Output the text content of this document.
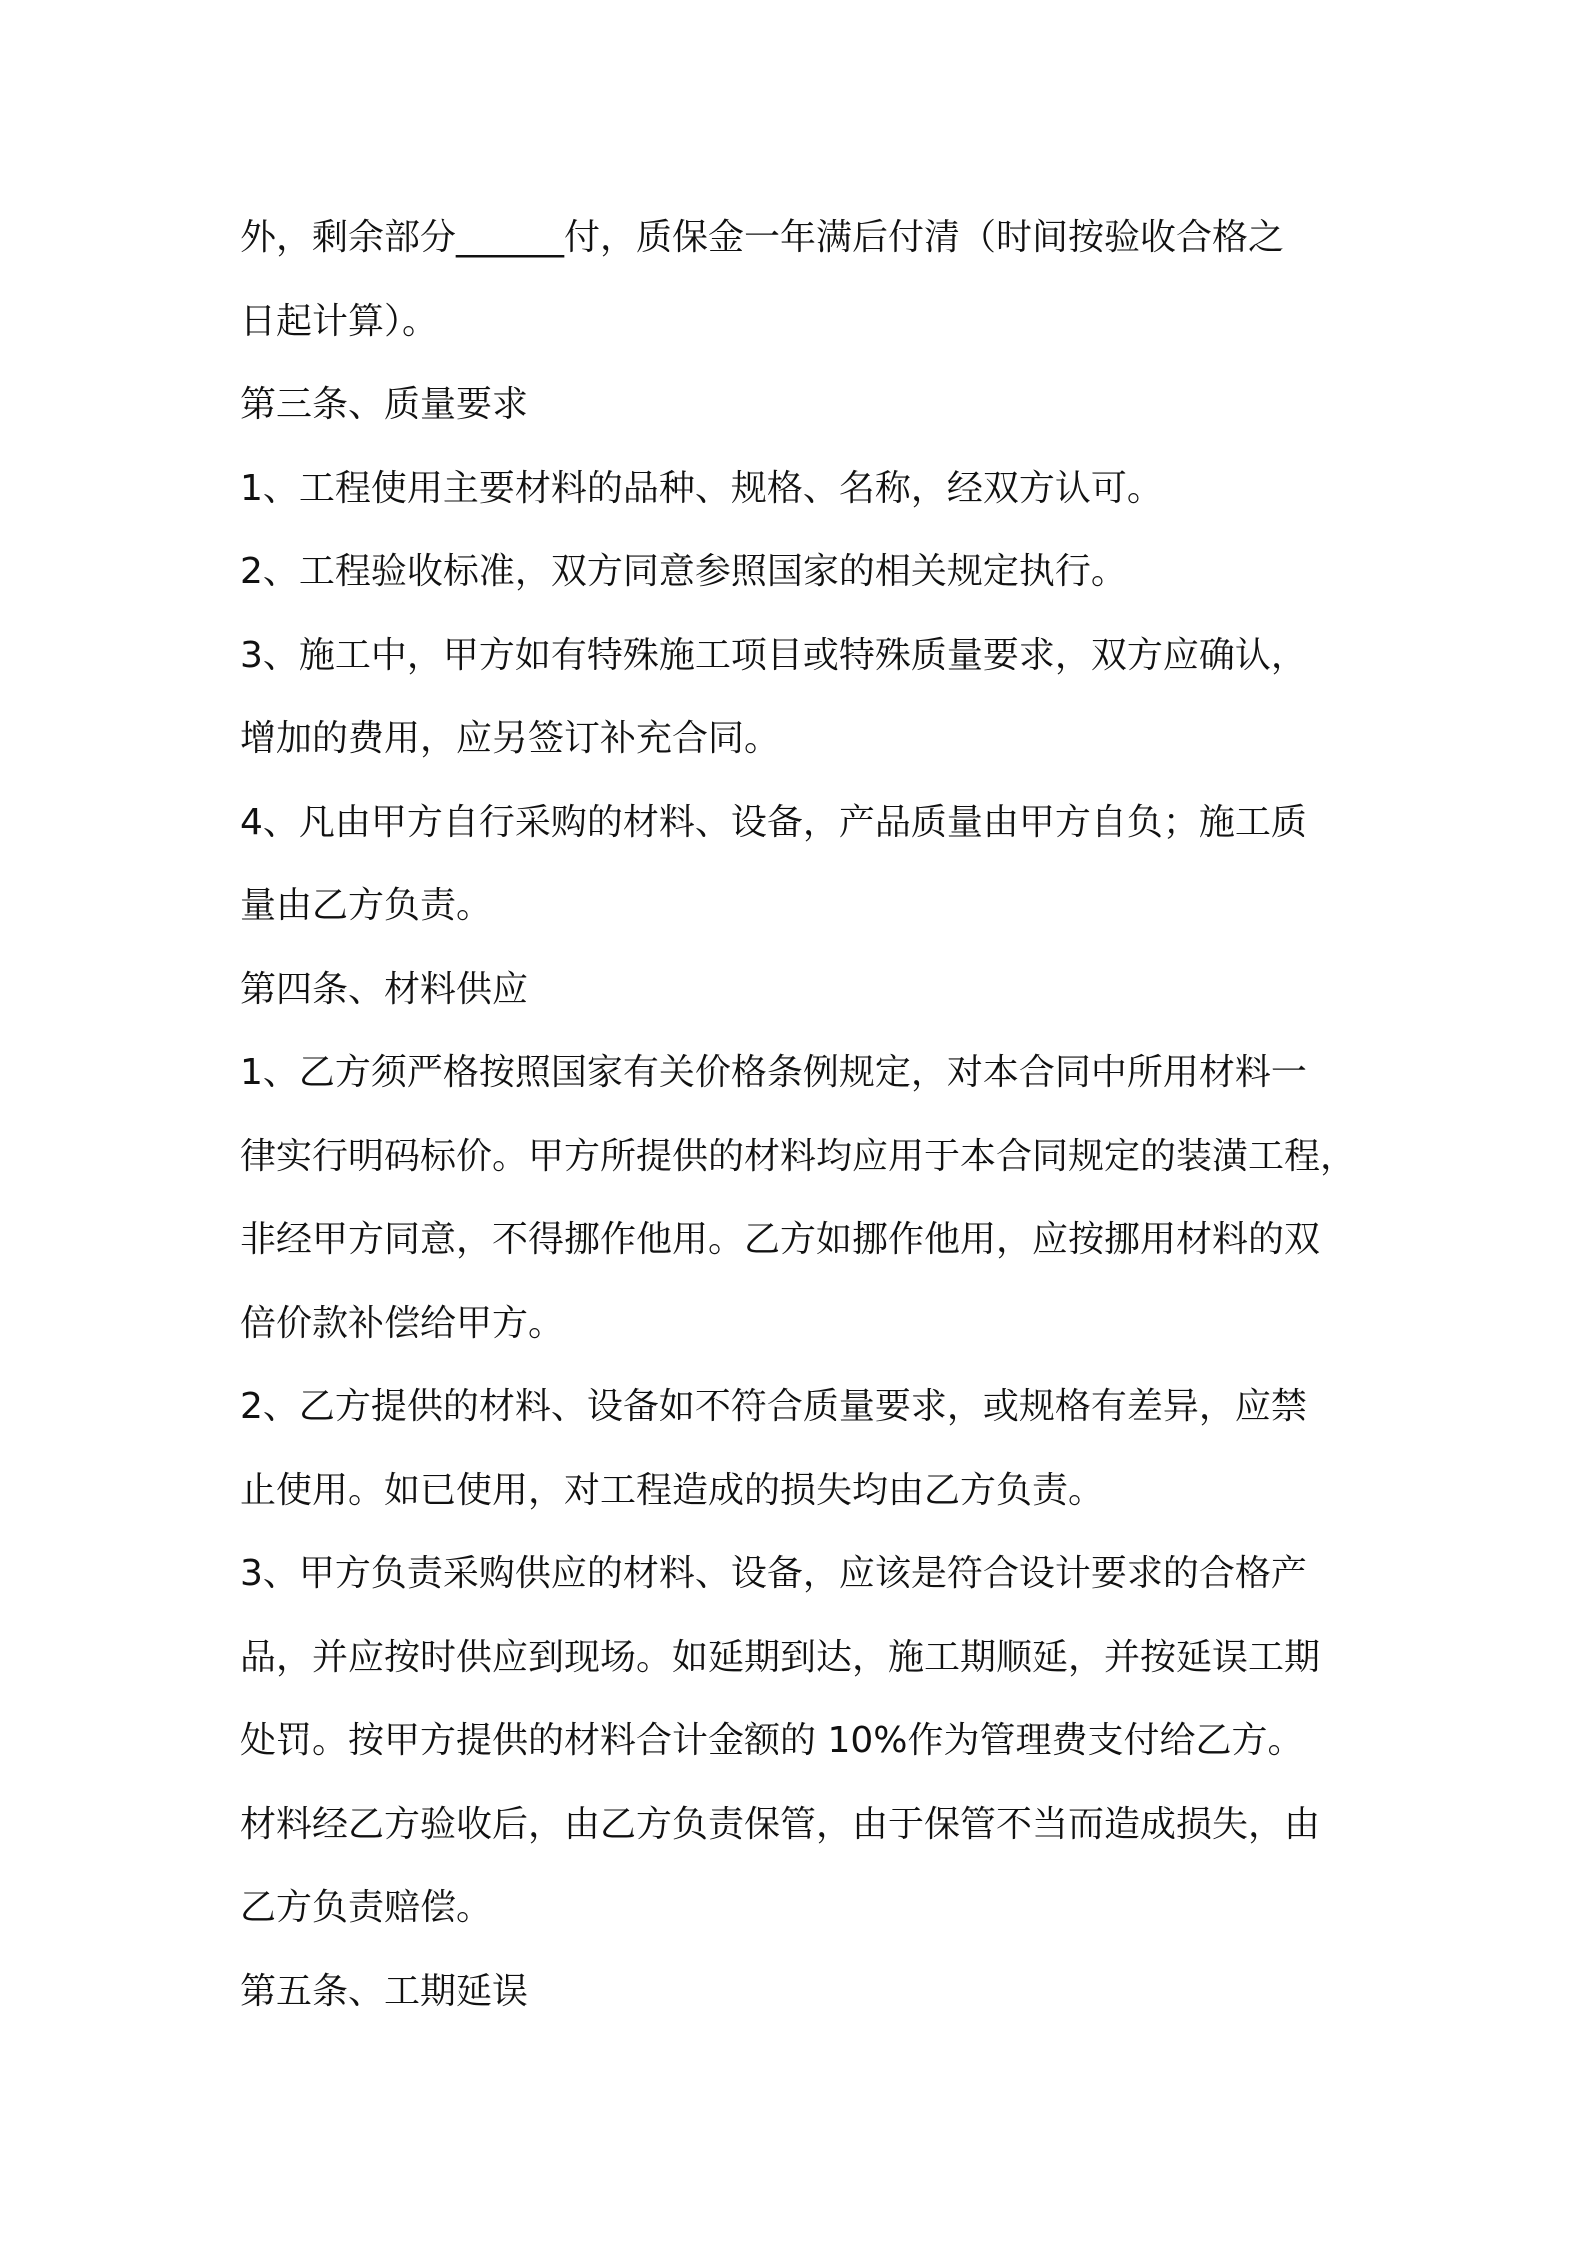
外，剩余部分______付，质保金一年满后付清（时间按验收合格之
日起计算）。
第三条、质量要求
1、工程使用主要材料的品种、规格、名称，经双方认可。
2、工程验收标准，双方同意参照国家的相关规定执行。
3、施工中，甲方如有特殊施工项目或特殊质量要求，双方应确认，
增加的费用，应另签订补充合同。
4、凡由甲方自行采购的材料、设备，产品质量由甲方自负；施工质
量由乙方负责。
第四条、材料供应
1、乙方须严格按照国家有关价格条例规定，对本合同中所用材料一
律实行明码标价。甲方所提供的材料均应用于本合同规定的装潢工程，
非经甲方同意，不得挪作他用。乙方如挪作他用，应按挪用材料的双
倍价款补偿给甲方。
2、乙方提供的材料、设备如不符合质量要求，或规格有差异，应禁
止使用。如已使用，对工程造成的损失均由乙方负责。
3、甲方负责采购供应的材料、设备，应该是符合设计要求的合格产
品，并应按时供应到现场。如延期到达，施工期顺延，并按延误工期
处罚。按甲方提供的材料合计金额的 10%作为管理费支付给乙方。
材料经乙方验收后，由乙方负责保管，由于保管不当而造成损失，由
乙方负责赔偿。
第五条、工期延误
